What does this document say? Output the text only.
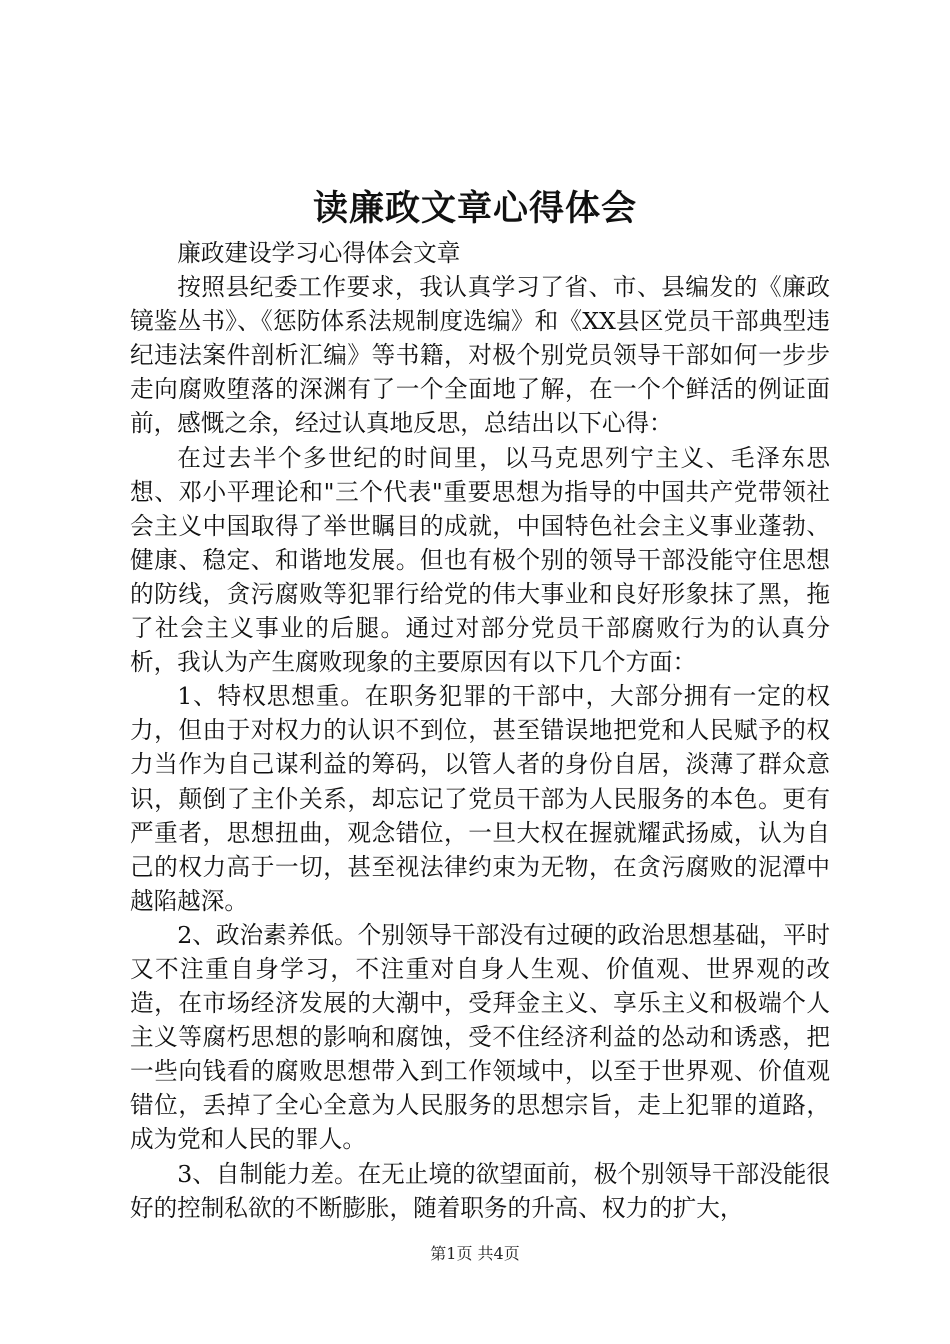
读廉政文章心得体会

廉政建设学习心得体会文章

按照县纪委工作要求，我认真学习了省、市、县编发的《廉政镜鉴丛书》、《惩防体系法规制度选编》和《XX县区党员干部典型违纪违法案件剖析汇编》等书籍，对极个别党员领导干部如何一步步走向腐败堕落的深渊有了一个全面地了解，在一个个鲜活的例证面前，感慨之余，经过认真地反思，总结出以下心得：

在过去半个多世纪的时间里，以马克思列宁主义、毛泽东思想、邓小平理论和"三个代表"重要思想为指导的中国共产党带领社会主义中国取得了举世瞩目的成就，中国特色社会主义事业蓬勃、健康、稳定、和谐地发展。但也有极个别的领导干部没能守住思想的防线，贪污腐败等犯罪行给党的伟大事业和良好形象抹了黑，拖了社会主义事业的后腿。通过对部分党员干部腐败行为的认真分析，我认为产生腐败现象的主要原因有以下几个方面：

1、特权思想重。在职务犯罪的干部中，大部分拥有一定的权力，但由于对权力的认识不到位，甚至错误地把党和人民赋予的权力当作为自己谋利益的筹码，以管人者的身份自居，淡薄了群众意识，颠倒了主仆关系，却忘记了党员干部为人民服务的本色。更有严重者，思想扭曲，观念错位，一旦大权在握就耀武扬威，认为自己的权力高于一切，甚至视法律约束为无物，在贪污腐败的泥潭中越陷越深。

2、政治素养低。个别领导干部没有过硬的政治思想基础，平时又不注重自身学习，不注重对自身人生观、价值观、世界观的改造，在市场经济发展的大潮中，受拜金主义、享乐主义和极端个人主义等腐朽思想的影响和腐蚀，受不住经济利益的怂动和诱惑，把一些向钱看的腐败思想带入到工作领域中，以至于世界观、价值观错位，丢掉了全心全意为人民服务的思想宗旨，走上犯罪的道路，成为党和人民的罪人。

3、自制能力差。在无止境的欲望面前，极个别领导干部没能很好的控制私欲的不断膨胀，随着职务的升高、权力的扩大，

第1页 共4页
